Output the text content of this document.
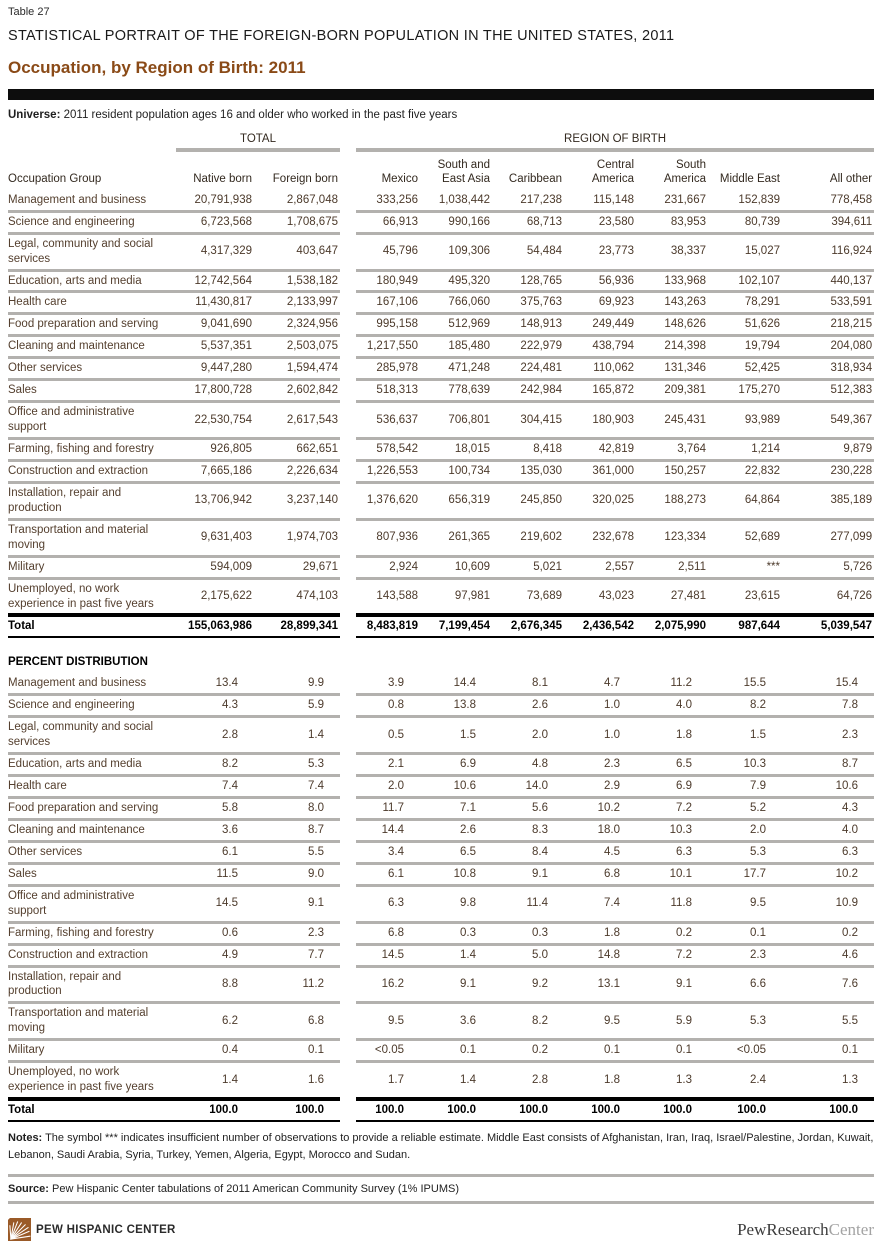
Table 27
STATISTICAL PORTRAIT OF THE FOREIGN-BORN POPULATION IN THE UNITED STATES, 2011
Occupation, by Region of Birth: 2011

Universe: 2011 resident population ages 16 and older who worked in the past five years

	TOTAL			REGION OF BIRTH						
Occupation Group	Native born	Foreign born		Mexico	South and East Asia	Caribbean	Central America	South America	Middle East	All other
Management and business	20,791,938	2,867,048		333,256	1,038,442	217,238	115,148	231,667	152,839	778,458
Science and engineering	6,723,568	1,708,675		66,913	990,166	68,713	23,580	83,953	80,739	394,611
Legal, community and social services	4,317,329	403,647		45,796	109,306	54,484	23,773	38,337	15,027	116,924
Education, arts and media	12,742,564	1,538,182		180,949	495,320	128,765	56,936	133,968	102,107	440,137
Health care	11,430,817	2,133,997		167,106	766,060	375,763	69,923	143,263	78,291	533,591
Food preparation and serving	9,041,690	2,324,956		995,158	512,969	148,913	249,449	148,626	51,626	218,215
Cleaning and maintenance	5,537,351	2,503,075		1,217,550	185,480	222,979	438,794	214,398	19,794	204,080
Other services	9,447,280	1,594,474		285,978	471,248	224,481	110,062	131,346	52,425	318,934
Sales	17,800,728	2,602,842		518,313	778,639	242,984	165,872	209,381	175,270	512,383
Office and administrative support	22,530,754	2,617,543		536,637	706,801	304,415	180,903	245,431	93,989	549,367
Farming, fishing and forestry	926,805	662,651		578,542	18,015	8,418	42,819	3,764	1,214	9,879
Construction and extraction	7,665,186	2,226,634		1,226,553	100,734	135,030	361,000	150,257	22,832	230,228
Installation, repair and production	13,706,942	3,237,140		1,376,620	656,319	245,850	320,025	188,273	64,864	385,189
Transportation and material moving	9,631,403	1,974,703		807,936	261,365	219,602	232,678	123,334	52,689	277,099
Military	594,009	29,671		2,924	10,609	5,021	2,557	2,511	***	5,726
Unemployed, no work experience in past five years	2,175,622	474,103		143,588	97,981	73,689	43,023	27,481	23,615	64,726
Total	155,063,986	28,899,341		8,483,819	7,199,454	2,676,345	2,436,542	2,075,990	987,644	5,039,547
PERCENT DISTRIBUTION										
Management and business	13.4	9.9		3.9	14.4	8.1	4.7	11.2	15.5	15.4
Science and engineering	4.3	5.9		0.8	13.8	2.6	1.0	4.0	8.2	7.8
Legal, community and social services	2.8	1.4		0.5	1.5	2.0	1.0	1.8	1.5	2.3
Education, arts and media	8.2	5.3		2.1	6.9	4.8	2.3	6.5	10.3	8.7
Health care	7.4	7.4		2.0	10.6	14.0	2.9	6.9	7.9	10.6
Food preparation and serving	5.8	8.0		11.7	7.1	5.6	10.2	7.2	5.2	4.3
Cleaning and maintenance	3.6	8.7		14.4	2.6	8.3	18.0	10.3	2.0	4.0
Other services	6.1	5.5		3.4	6.5	8.4	4.5	6.3	5.3	6.3
Sales	11.5	9.0		6.1	10.8	9.1	6.8	10.1	17.7	10.2
Office and administrative support	14.5	9.1		6.3	9.8	11.4	7.4	11.8	9.5	10.9
Farming, fishing and forestry	0.6	2.3		6.8	0.3	0.3	1.8	0.2	0.1	0.2
Construction and extraction	4.9	7.7		14.5	1.4	5.0	14.8	7.2	2.3	4.6
Installation, repair and production	8.8	11.2		16.2	9.1	9.2	13.1	9.1	6.6	7.6
Transportation and material moving	6.2	6.8		9.5	3.6	8.2	9.5	5.9	5.3	5.5
Military	0.4	0.1		<0.05	0.1	0.2	0.1	0.1	<0.05	0.1
Unemployed, no work experience in past five years	1.4	1.6		1.7	1.4	2.8	1.8	1.3	2.4	1.3
Total	100.0	100.0		100.0	100.0	100.0	100.0	100.0	100.0	100.0

Notes: The symbol *** indicates insufficient number of observations to provide a reliable estimate. Middle East consists of Afghanistan, Iran, Iraq, Israel/Palestine, Jordan, Kuwait, Lebanon, Saudi Arabia, Syria, Turkey, Yemen, Algeria, Egypt, Morocco and Sudan.

Source: Pew Hispanic Center tabulations of 2011 American Community Survey (1% IPUMS)

PEW HISPANIC CENTER	PewResearchCenter
